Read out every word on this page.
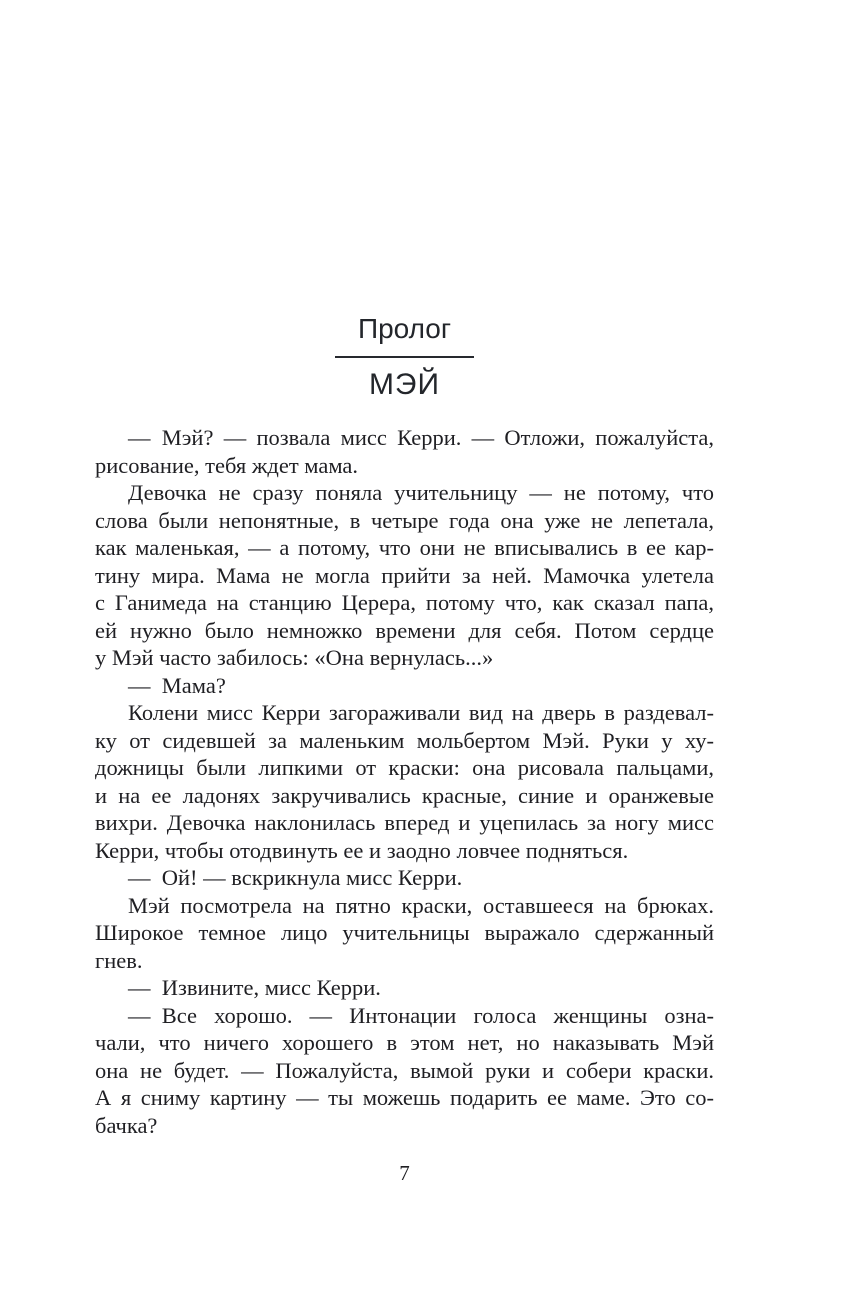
Пролог
МЭЙ
— Мэй? — позвала мисс Керри. — Отложи, пожалуйста,
рисование, тебя ждет мама.
Девочка не сразу поняла учительницу — не потому, что
слова были непонятные, в четыре года она уже не лепетала,
как маленькая, — а потому, что они не вписывались в ее кар-
тину мира. Мама не могла прийти за ней. Мамочка улетела
с Ганимеда на станцию Церера, потому что, как сказал папа,
ей нужно было немножко времени для себя. Потом сердце
у Мэй часто забилось: «Она вернулась...»
— Мама?
Колени мисс Керри загораживали вид на дверь в раздевал-
ку от сидевшей за маленьким мольбертом Мэй. Руки у ху-
дожницы были липкими от краски: она рисовала пальцами,
и на ее ладонях закручивались красные, синие и оранжевые
вихри. Девочка наклонилась вперед и уцепилась за ногу мисс
Керри, чтобы отодвинуть ее и заодно ловчее подняться.
— Ой! — вскрикнула мисс Керри.
Мэй посмотрела на пятно краски, оставшееся на брюках.
Широкое темное лицо учительницы выражало сдержанный
гнев.
— Извините, мисс Керри.
— Все хорошо. — Интонации голоса женщины озна-
чали, что ничего хорошего в этом нет, но наказывать Мэй
она не будет. — Пожалуйста, вымой руки и собери краски.
А я сниму картину — ты можешь подарить ее маме. Это со-
бачка?
7
